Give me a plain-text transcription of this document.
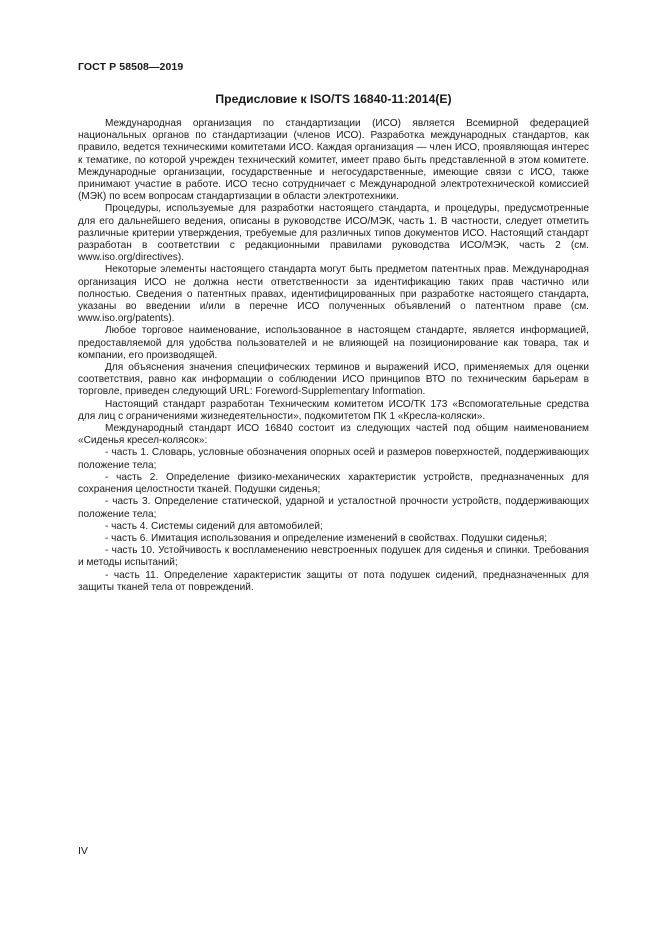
ГОСТ Р 58508—2019
Предисловие к ISO/TS 16840-11:2014(E)

Международная организация по стандартизации (ИСО) является Всемирной федерацией национальных органов по стандартизации (членов ИСО). Разработка международных стандартов, как правило, ведется техническими комитетами ИСО. Каждая организация — член ИСО, проявляющая интерес к тематике, по которой учрежден технический комитет, имеет право быть представленной в этом комитете. Международные организации, государственные и негосударственные, имеющие связи с ИСО, также принимают участие в работе. ИСО тесно сотрудничает с Международной электротехнической комиссией (МЭК) по всем вопросам стандартизации в области электротехники.

Процедуры, используемые для разработки настоящего стандарта, и процедуры, предусмотренные для его дальнейшего ведения, описаны в руководстве ИСО/МЭК, часть 1. В частности, следует отметить различные критерии утверждения, требуемые для различных типов документов ИСО. Настоящий стандарт разработан в соответствии с редакционными правилами руководства ИСО/МЭК, часть 2 (см. www.iso.org/directives).

Некоторые элементы настоящего стандарта могут быть предметом патентных прав. Международная организация ИСО не должна нести ответственности за идентификацию таких прав частично или полностью. Сведения о патентных правах, идентифицированных при разработке настоящего стандарта, указаны во введении и/или в перечне ИСО полученных объявлений о патентном праве (см. www.iso.org/patents).

Любое торговое наименование, использованное в настоящем стандарте, является информацией, предоставляемой для удобства пользователей и не влияющей на позиционирование как товара, так и компании, его производящей.

Для объяснения значения специфических терминов и выражений ИСО, применяемых для оценки соответствия, равно как информации о соблюдении ИСО принципов ВТО по техническим барьерам в торговле, приведен следующий URL: Foreword-Supplementary Information.

Настоящий стандарт разработан Техническим комитетом ИСО/ТК 173 «Вспомогательные средства для лиц с ограничениями жизнедеятельности», подкомитетом ПК 1 «Кресла-коляски».

Международный стандарт ИСО 16840 состоит из следующих частей под общим наименованием «Сиденья кресел-колясок»:

- часть 1. Словарь, условные обозначения опорных осей и размеров поверхностей, поддерживающих положение тела;

- часть 2. Определение физико-механических характеристик устройств, предназначенных для сохранения целостности тканей. Подушки сиденья;

- часть 3. Определение статической, ударной и усталостной прочности устройств, поддерживающих положение тела;

- часть 4. Системы сидений для автомобилей;

- часть 6. Имитация использования и определение изменений в свойствах. Подушки сиденья;

- часть 10. Устойчивость к воспламенению невстроенных подушек для сиденья и спинки. Требования и методы испытаний;

- часть 11. Определение характеристик защиты от пота подушек сидений, предназначенных для защиты тканей тела от повреждений.

IV
